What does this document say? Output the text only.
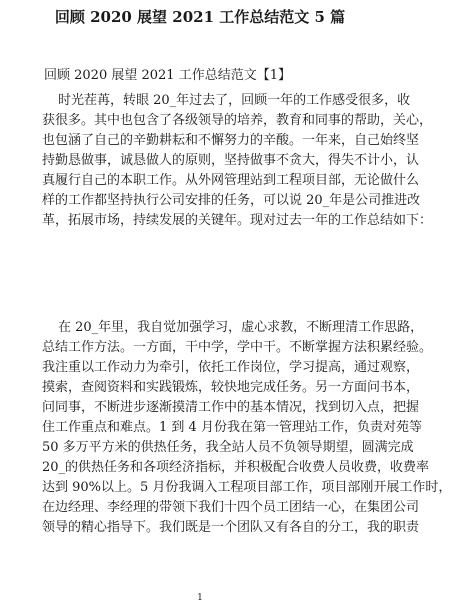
回顾 2020 展望 2021 工作总结范文 5 篇
回顾 2020 展望 2021 工作总结范文【1】
时光茬苒，转眼 20_年过去了，回顾一年的工作感受很多，收
获很多。其中也包含了各级领导的培养，教育和同事的帮助，关心，
也包涵了自己的辛勤耕耘和不懈努力的辛酸。一年来，自己始终坚
持勤恳做事，诚恳做人的原则，坚持做事不贪大，得失不计小，认
真履行自己的本职工作。从外网管理站到工程项目部，无论做什么
样的工作都坚持执行公司安排的任务，可以说 20_年是公司推进改
革，拓展市场，持续发展的关键年。现对过去一年的工作总结如下：
在 20_年里，我自觉加强学习，虚心求教，不断理清工作思路，
总结工作方法。一方面，干中学，学中干。不断掌握方法积累经验。
我注重以工作动力为牵引，依托工作岗位，学习提高，通过观察，
摸索，查阅资料和实践锻炼，较快地完成任务。另一方面问书本，
问同事，不断进步逐渐摸清工作中的基本情况，找到切入点，把握
住工作重点和难点。1 到 4 月份我在第一管理站工作，负责对苑等
50 多万平方米的供热任务，我全站人员不负领导期望，圆满完成
20_的供热任务和各项经济指标，并积极配合收费人员收费，收费率
达到 90%以上。5 月份我调入工程项目部工作，项目部刚开展工作时，
在边经理、李经理的带领下我们十四个员工团结一心，在集团公司
领导的精心指导下。我们既是一个团队又有各自的分工，我的职责
1
